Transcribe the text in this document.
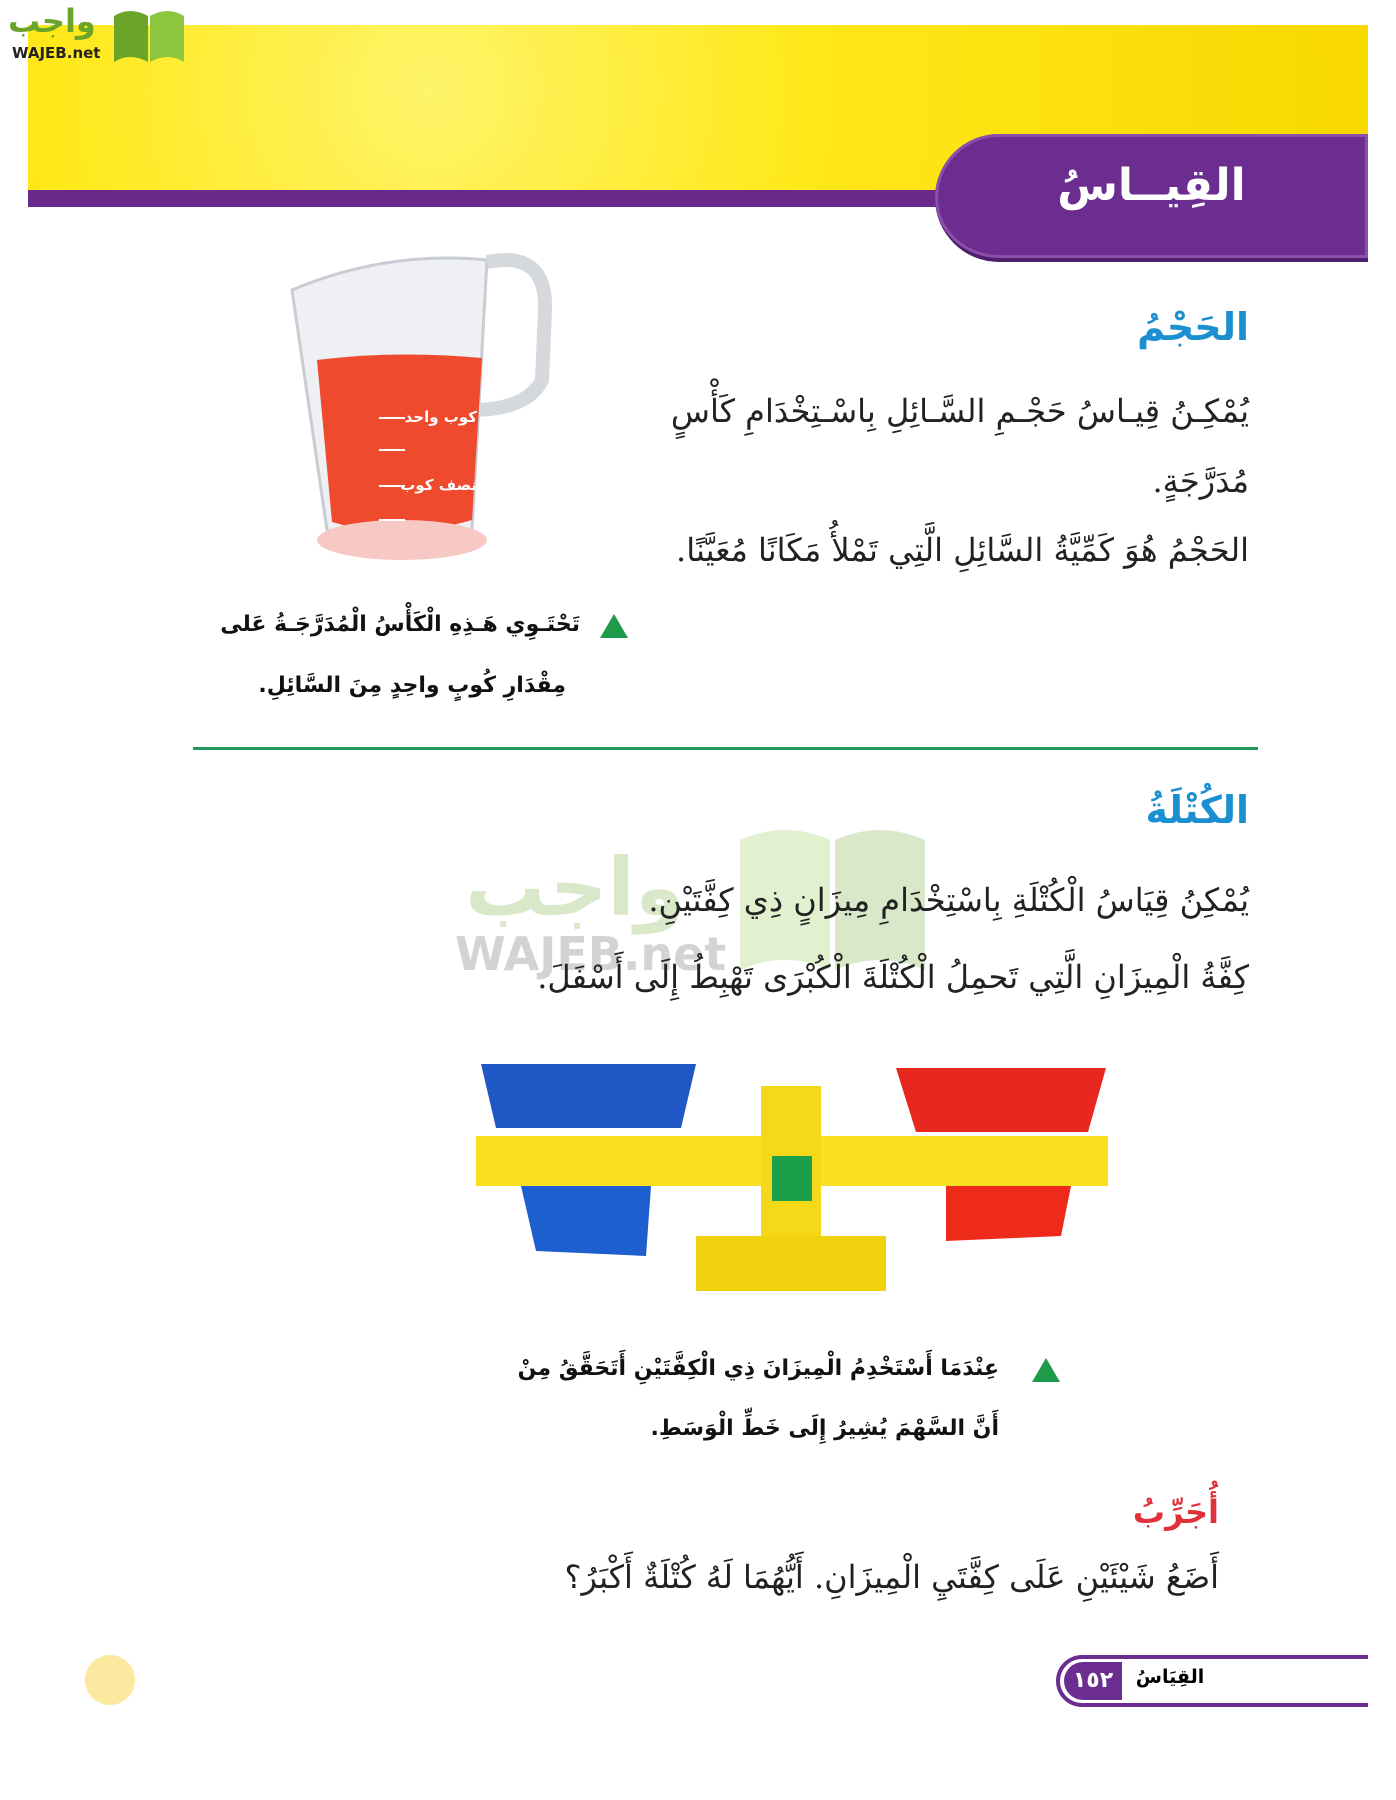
القِيــاسُ
واجب
WAJEB.net
الحَجْمُ
يُمْكِـنُ قِيـاسُ حَجْـمِ السَّـائِلِ بِاسْـتِخْدَامِ كَأْسٍ
مُدَرَّجَةٍ.
الحَجْمُ هُوَ كَمِّيَّةُ السَّائِلِ الَّتِي تَمْلأُ مَكَانًا مُعَيَّنًا.
كوب واحد
نصف كوب
تَحْتَـوِي هَـذِهِ الْكَأْسُ الْمُدَرَّجَـةُ عَلى
مِقْدَارِ كُوبٍ واحِدٍ مِنَ السَّائِلِ.
واجب
WAJEB.net
الكُتْلَةُ
يُمْكِنُ قِيَاسُ الْكُتْلَةِ بِاسْتِخْدَامِ مِيزَانٍ ذِي كِفَّتَيْنِ.
كِفَّةُ الْمِيزَانِ الَّتِي تَحمِلُ الْكُتْلَةَ الْكُبْرَى تَهْبِطُ إِلَى أَسْفَلَ.
عِنْدَمَا أَسْتَخْدِمُ الْمِيزَانَ ذِي الْكِفَّتَيْنِ أَتَحَقَّقُ مِنْ
أَنَّ السَّهْمَ يُشِيرُ إِلَى خَطِّ الْوَسَطِ.
أُجَرِّبُ
أَضَعُ شَيْئَيْنِ عَلَى كِفَّتَيِ الْمِيزَانِ. أَيُّهُمَا لَهُ كُتْلَةٌ أَكْبَرُ؟
١٥٢	القِيَاسُ
